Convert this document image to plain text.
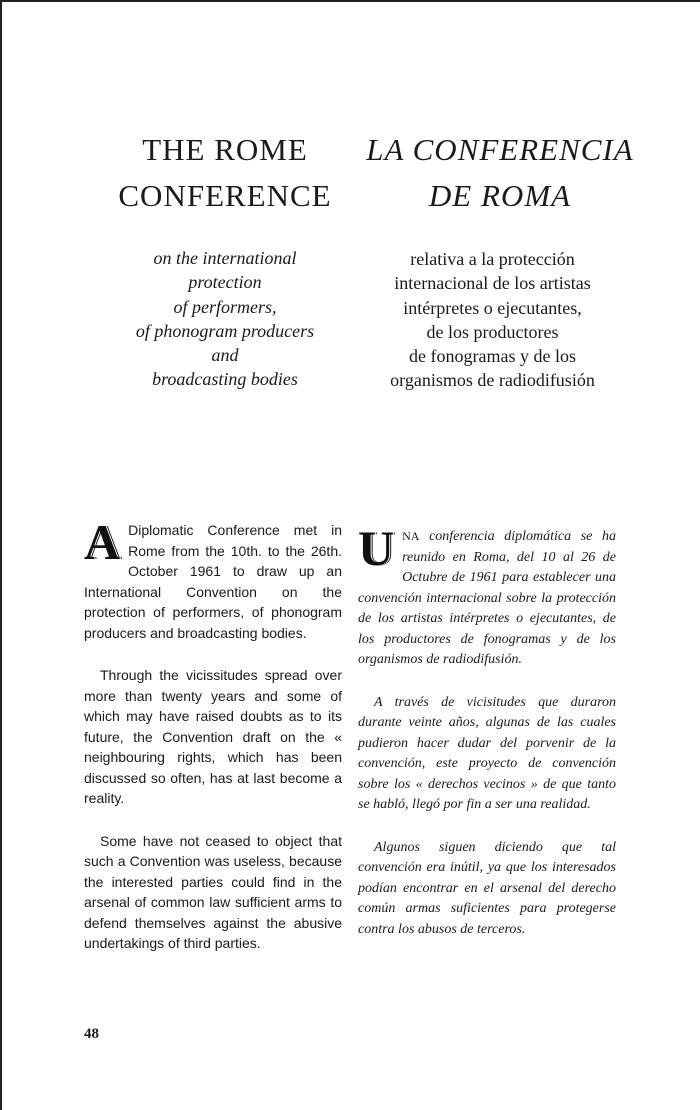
THE ROME
CONFERENCE
LA CONFERENCIA
DE ROMA
on the international
protection
of performers,
of phonogram producers
and
broadcasting bodies
relativa a la protección
internacional de los artistas
intérpretes o ejecutantes,
de los productores
de fonogramas y de los
organismos de radiodifusión

A Diplomatic Conference met in Rome from the 10th. to the 26th. October 1961 to draw up an International Convention on the protection of performers, of phonogram producers and broadcasting bodies.

Through the vicissitudes spread over more than twenty years and some of which may have raised doubts as to its future, the Convention draft on the « neighbouring rights, which has been discussed so often, has at last become a reality.

Some have not ceased to object that such a Convention was useless, because the interested parties could find in the arsenal of common law sufficient arms to defend themselves against the abusive undertakings of third parties.

UNA conferencia diplomática se ha reunido en Roma, del 10 al 26 de Octubre de 1961 para establecer una convención internacional sobre la protección de los artistas intérpretes o ejecutantes, de los productores de fonogramas y de los organismos de radiodifusión.

A través de vicisitudes que duraron durante veinte años, algunas de las cuales pudieron hacer dudar del porvenir de la convención, este proyecto de convención sobre los « derechos vecinos » de que tanto se habló, llegó por fin a ser una realidad.

Algunos siguen diciendo que tal convención era inútil, ya que los interesados podían encontrar en el arsenal del derecho común armas suficientes para protegerse contra los abusos de terceros.

48
